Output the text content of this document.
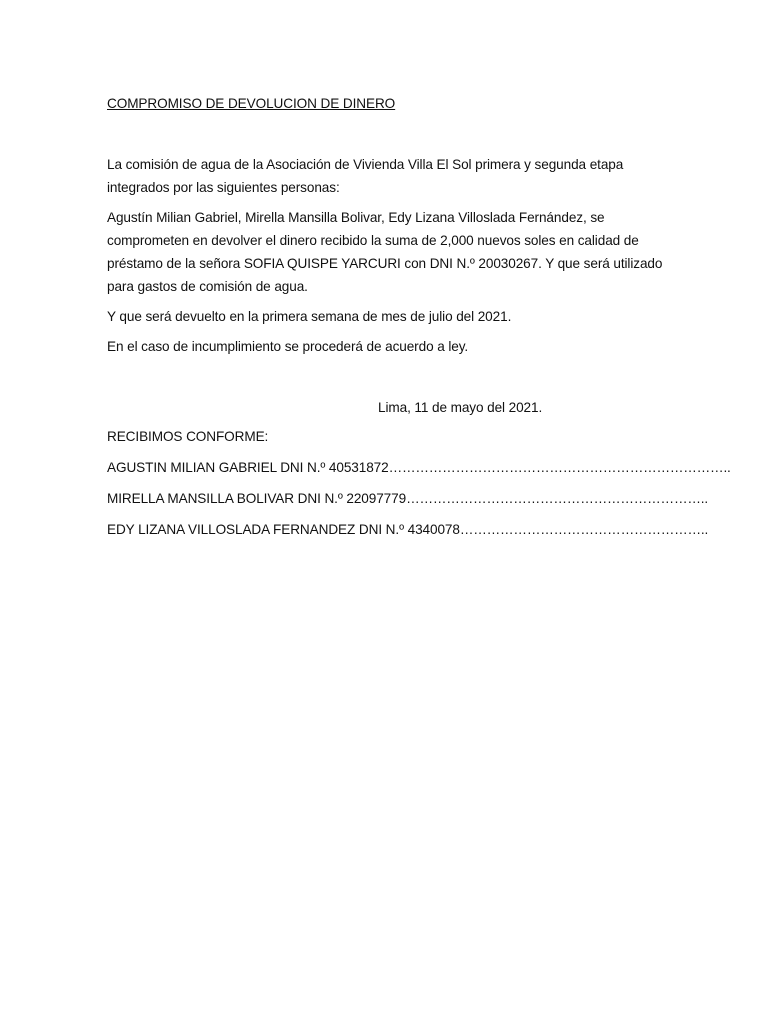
COMPROMISO DE DEVOLUCION DE DINERO

La comisión de agua de la Asociación de Vivienda Villa El Sol primera y segunda etapa integrados por las siguientes personas:

Agustín Milian Gabriel, Mirella Mansilla Bolivar, Edy Lizana Villoslada Fernández, se comprometen en devolver el dinero recibido la suma de 2,000 nuevos soles en calidad de préstamo de la señora SOFIA QUISPE YARCURI con DNI N.º 20030267. Y que será utilizado para gastos de comisión de agua.

Y que será devuelto en la primera semana de mes de julio del 2021.

En el caso de incumplimiento se procederá de acuerdo a ley.

Lima, 11 de mayo del 2021.

RECIBIMOS CONFORME:

AGUSTIN MILIAN GABRIEL DNI N.º 40531872…………………………………………………………………..

MIRELLA MANSILLA BOLIVAR DNI N.º 22097779…………………………………………………………..

EDY LIZANA VILLOSLADA FERNANDEZ DNI N.º 4340078………………………………………………..
